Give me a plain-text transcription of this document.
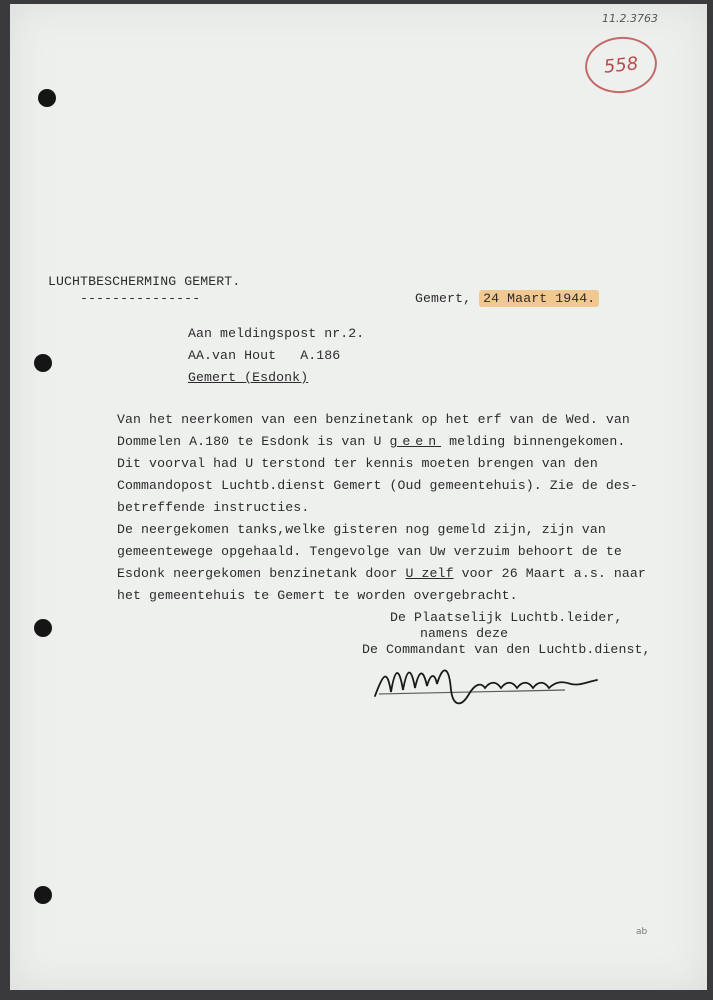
11.2.3763
558
LUCHTBESCHERMING GEMERT.
---------------	Gemert, 24 Maart 1944.
Aan meldingspost nr.2.
AA.van Hout A.186
Gemert (Esdonk)
Van het neerkomen van een benzinetank op het erf van de Wed. van
Dommelen A.180 te Esdonk is van U geen melding binnengekomen.
Dit voorval had U terstond ter kennis moeten brengen van den
Commandopost Luchtb.dienst Gemert (Oud gemeentehuis). Zie de des-
betreffende instructies.
De neergekomen tanks,welke gisteren nog gemeld zijn, zijn van
gemeentewege opgehaald. Tengevolge van Uw verzuim behoort de te
Esdonk neergekomen benzinetank door U zelf voor 26 Maart a.s. naar
het gemeentehuis te Gemert te worden overgebracht.
De Plaatselijk Luchtb.leider,
namens deze
De Commandant van den Luchtb.dienst,
ab
